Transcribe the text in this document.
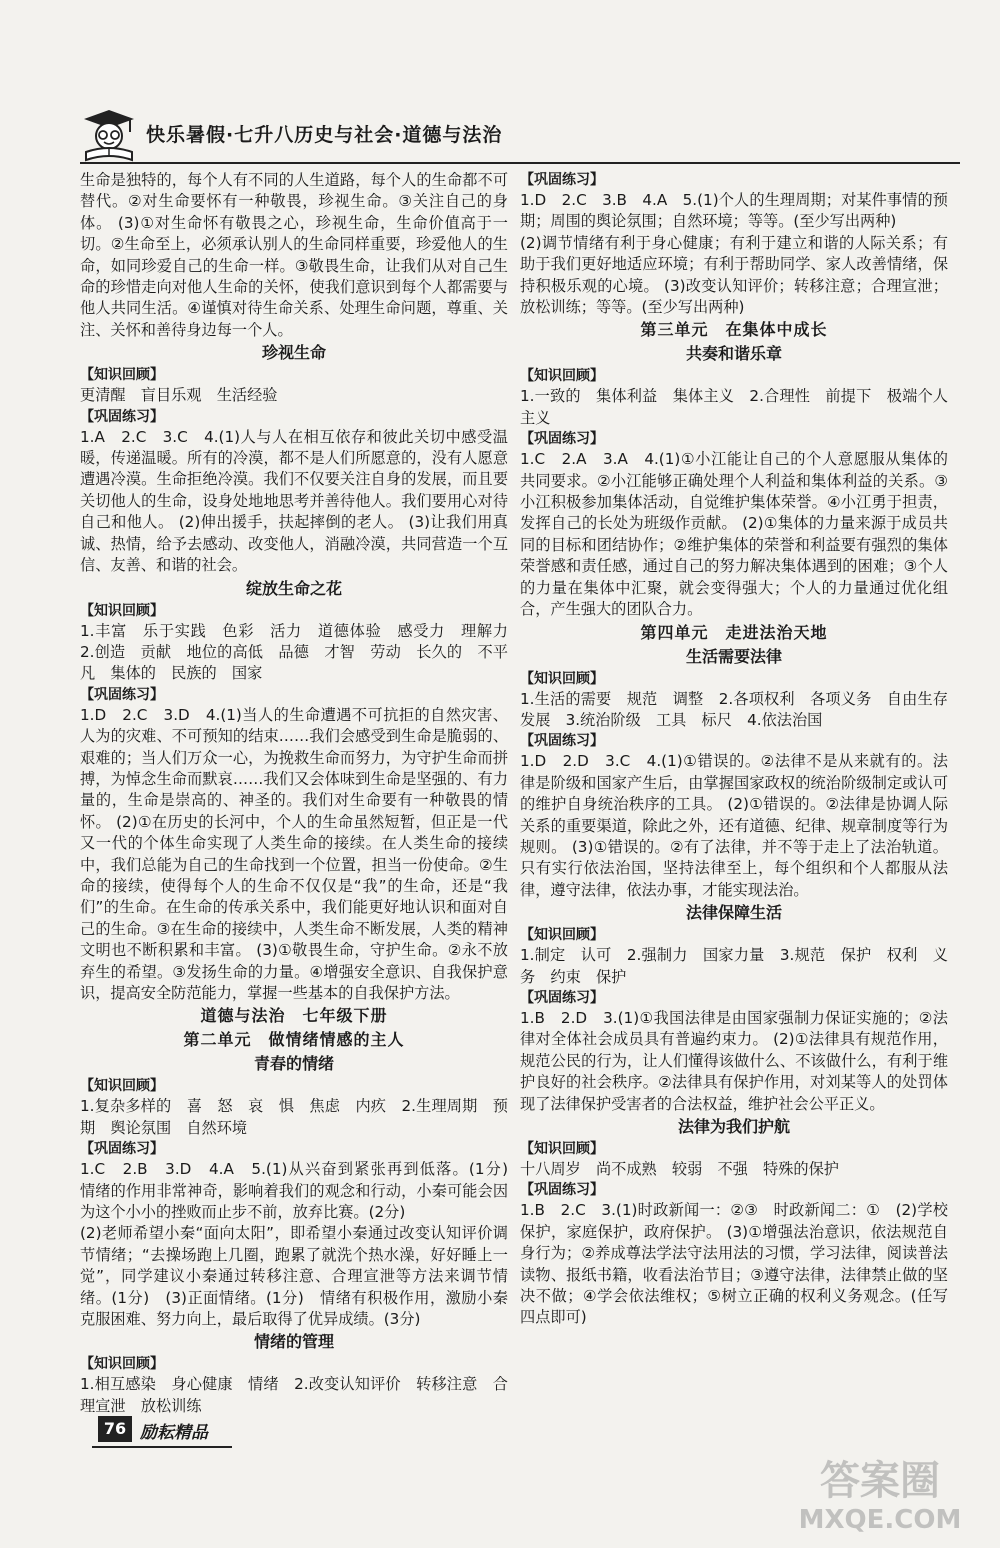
快乐暑假·七升八历史与社会·道德与法治

生命是独特的，每个人有不同的人生道路，每个人的生命都不可替代。②对生命要怀有一种敬畏，珍视生命。③关注自己的身体。 (3)①对生命怀有敬畏之心，珍视生命，生命价值高于一切。②生命至上，必须承认别人的生命同样重要，珍爱他人的生命，如同珍爱自己的生命一样。③敬畏生命，让我们从对自己生命的珍惜走向对他人生命的关怀，使我们意识到每个人都需要与他人共同生活。④谨慎对待生命关系、处理生命问题，尊重、关注、关怀和善待身边每一个人。

珍视生命

【知识回顾】

更清醒　盲目乐观　生活经验

【巩固练习】

1.A　2.C　3.C　4.(1)人与人在相互依存和彼此关切中感受温暖，传递温暖。所有的冷漠，都不是人们所愿意的，没有人愿意遭遇冷漠。生命拒绝冷漠。我们不仅要关注自身的发展，而且要关切他人的生命，设身处地地思考并善待他人。我们要用心对待自己和他人。 (2)伸出援手，扶起摔倒的老人。 (3)让我们用真诚、热情，给予去感动、改变他人，消融冷漠，共同营造一个互信、友善、和谐的社会。

绽放生命之花

【知识回顾】

1.丰富　乐于实践　色彩　活力　道德体验　感受力　理解力　2.创造　贡献　地位的高低　品德　才智　劳动　长久的　不平凡　集体的　民族的　国家

【巩固练习】

1.D　2.C　3.D　4.(1)当人的生命遭遇不可抗拒的自然灾害、人为的灾难、不可预知的结束……我们会感受到生命是脆弱的、艰难的；当人们万众一心，为挽救生命而努力，为守护生命而拼搏，为悼念生命而默哀……我们又会体味到生命是坚强的、有力量的，生命是崇高的、神圣的。我们对生命要有一种敬畏的情怀。 (2)①在历史的长河中，个人的生命虽然短暂，但正是一代又一代的个体生命实现了人类生命的接续。在人类生命的接续中，我们总能为自己的生命找到一个位置，担当一份使命。②生命的接续，使得每个人的生命不仅仅是“我”的生命，还是“我们”的生命。在生命的传承关系中，我们能更好地认识和面对自己的生命。③在生命的接续中，人类生命不断发展，人类的精神文明也不断积累和丰富。 (3)①敬畏生命，守护生命。②永不放弃生的希望。③发扬生命的力量。④增强安全意识、自我保护意识，提高安全防范能力，掌握一些基本的自我保护方法。

道德与法治　七年级下册

第二单元　做情绪情感的主人

青春的情绪

【知识回顾】

1.复杂多样的　喜　怒　哀　惧　焦虑　内疚　2.生理周期　预期　舆论氛围　自然环境

【巩固练习】

1.C　2.B　3.D　4.A　5.(1)从兴奋到紧张再到低落。(1分)　情绪的作用非常神奇，影响着我们的观念和行动，小秦可能会因为这个小小的挫败而止步不前，放弃比赛。(2分)

(2)老师希望小秦“面向太阳”，即希望小秦通过改变认知评价调节情绪；“去操场跑上几圈，跑累了就洗个热水澡，好好睡上一觉”，同学建议小秦通过转移注意、合理宣泄等方法来调节情绪。(1分)　(3)正面情绪。(1分)　情绪有积极作用，激励小秦克服困难、努力向上，最后取得了优异成绩。(3分)

情绪的管理

【知识回顾】

1.相互感染　身心健康　情绪　2.改变认知评价　转移注意　合理宣泄　放松训练

【巩固练习】

1.D　2.C　3.B　4.A　5.(1)个人的生理周期；对某件事情的预期；周围的舆论氛围；自然环境；等等。(至少写出两种)

(2)调节情绪有利于身心健康；有利于建立和谐的人际关系；有助于我们更好地适应环境；有利于帮助同学、家人改善情绪，保持积极乐观的心境。 (3)改变认知评价；转移注意；合理宣泄；放松训练；等等。(至少写出两种)

第三单元　在集体中成长

共奏和谐乐章

【知识回顾】

1.一致的　集体利益　集体主义　2.合理性　前提下　极端个人主义

【巩固练习】

1.C　2.A　3.A　4.(1)①小江能让自己的个人意愿服从集体的共同要求。②小江能够正确处理个人利益和集体利益的关系。③小江积极参加集体活动，自觉维护集体荣誉。④小江勇于担责，发挥自己的长处为班级作贡献。 (2)①集体的力量来源于成员共同的目标和团结协作；②维护集体的荣誉和利益要有强烈的集体荣誉感和责任感，通过自己的努力解决集体遇到的困难；③个人的力量在集体中汇聚，就会变得强大；个人的力量通过优化组合，产生强大的团队合力。

第四单元　走进法治天地

生活需要法律

【知识回顾】

1.生活的需要　规范　调整　2.各项权利　各项义务　自由生存　发展　3.统治阶级　工具　标尺　4.依法治国

【巩固练习】

1.D　2.D　3.C　4.(1)①错误的。②法律不是从来就有的。法律是阶级和国家产生后，由掌握国家政权的统治阶级制定或认可的维护自身统治秩序的工具。 (2)①错误的。②法律是协调人际关系的重要渠道，除此之外，还有道德、纪律、规章制度等行为规则。 (3)①错误的。②有了法律，并不等于走上了法治轨道。只有实行依法治国，坚持法律至上，每个组织和个人都服从法律，遵守法律，依法办事，才能实现法治。

法律保障生活

【知识回顾】

1.制定　认可　2.强制力　国家力量　3.规范　保护　权利　义务　约束　保护

【巩固练习】

1.B　2.D　3.(1)①我国法律是由国家强制力保证实施的；②法律对全体社会成员具有普遍约束力。 (2)①法律具有规范作用，规范公民的行为，让人们懂得该做什么、不该做什么，有利于维护良好的社会秩序。②法律具有保护作用，对刘某等人的处罚体现了法律保护受害者的合法权益，维护社会公平正义。

法律为我们护航

【知识回顾】

十八周岁　尚不成熟　较弱　不强　特殊的保护

【巩固练习】

1.B　2.C　3.(1)时政新闻一：②③　时政新闻二：①　(2)学校保护，家庭保护，政府保护。 (3)①增强法治意识，依法规范自身行为；②养成尊法学法守法用法的习惯，学习法律，阅读普法读物、报纸书籍，收看法治节目；③遵守法律，法律禁止做的坚决不做；④学会依法维权；⑤树立正确的权利义务观念。(任写四点即可)

76 励耘精品
答案圈
MXQE.COM
